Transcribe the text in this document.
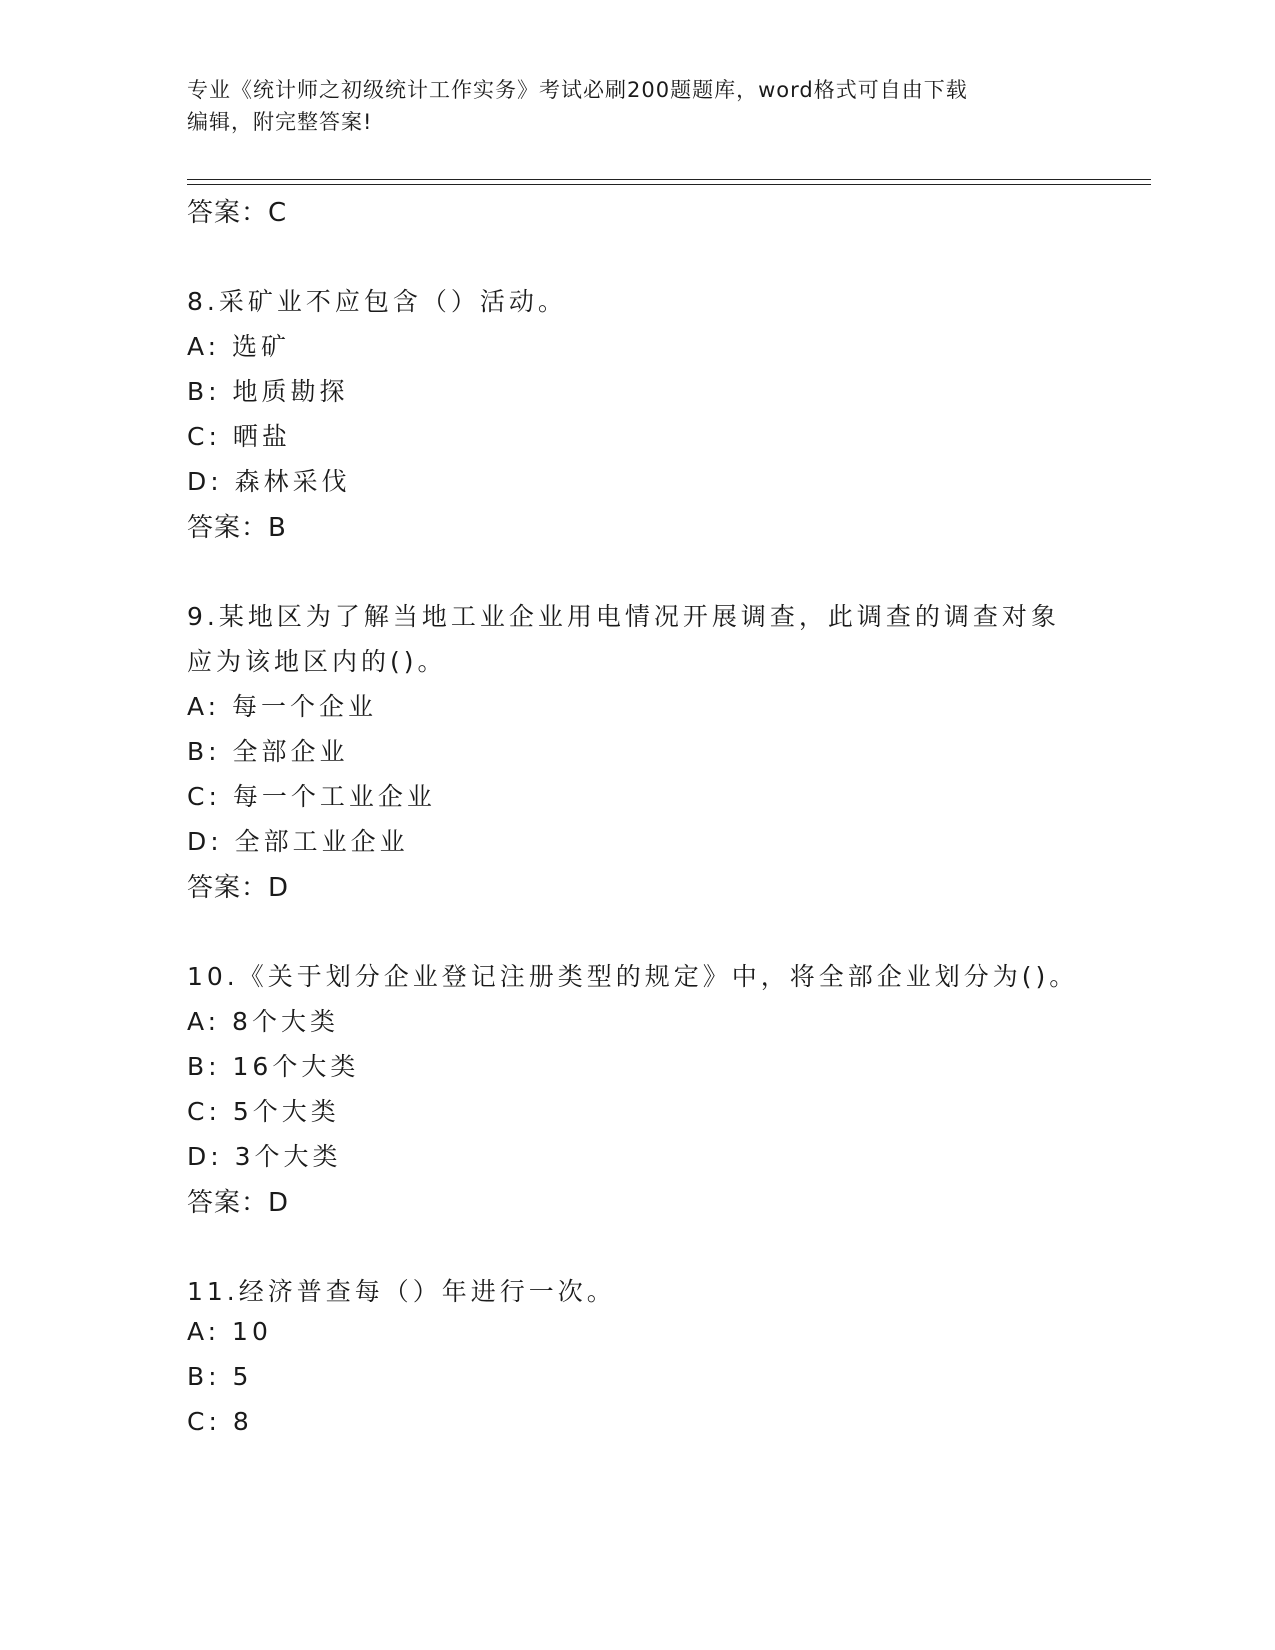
专业《统计师之初级统计工作实务》考试必刷200题题库，word格式可自由下载
编辑，附完整答案!
答案：C
8.采矿业不应包含（）活动。
A: 选矿
B: 地质勘探
C: 晒盐
D: 森林采伐
答案：B
9.某地区为了解当地工业企业用电情况开展调查，此调查的调查对象
应为该地区内的()。
A: 每一个企业
B: 全部企业
C: 每一个工业企业
D: 全部工业企业
答案：D
10.《关于划分企业登记注册类型的规定》中，将全部企业划分为()。
A: 8个大类
B: 16个大类
C: 5个大类
D: 3个大类
答案：D
11.经济普查每（）年进行一次。
A: 10
B: 5
C: 8
